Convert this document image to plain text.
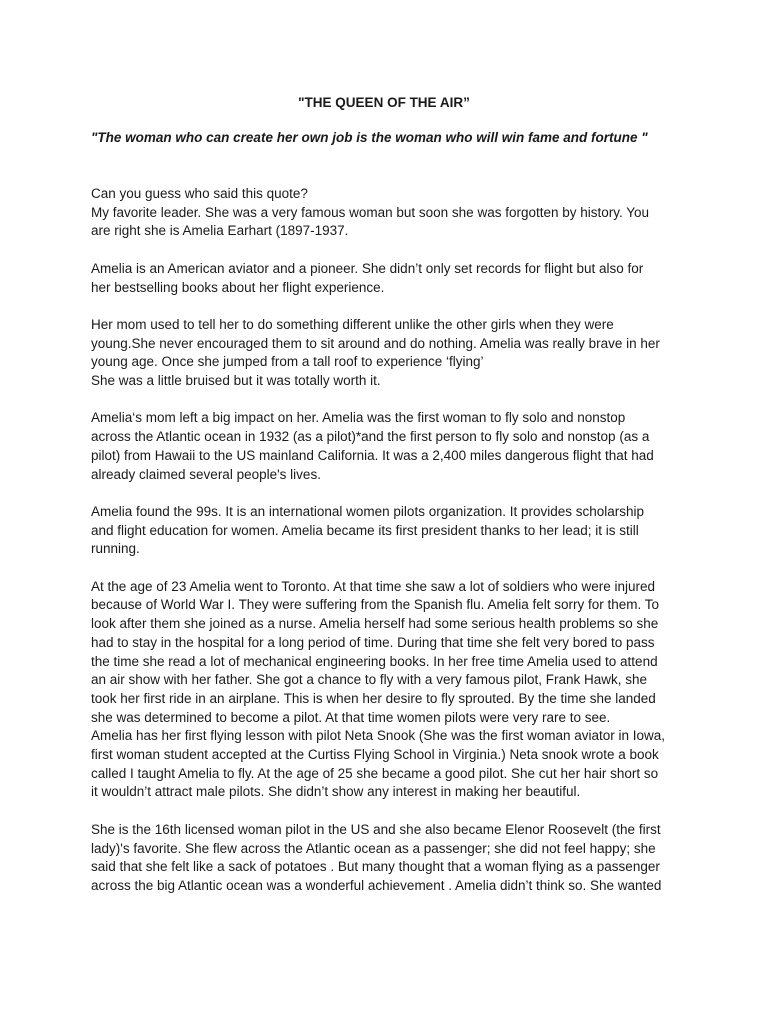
"THE QUEEN OF THE AIR”

"The woman who can create her own job is the woman who will win fame and fortune "

Can you guess who said this quote?
My favorite leader. She was a very famous woman but soon she was forgotten by history. You
are right she is Amelia Earhart (1897-1937.

Amelia is an American aviator and a pioneer. She didn’t only set records for flight but also for
her bestselling books about her flight experience.

Her mom used to tell her to do something different unlike the other girls when they were
young.She never encouraged them to sit around and do nothing. Amelia was really brave in her
young age. Once she jumped from a tall roof to experience ‘flying’
She was a little bruised but it was totally worth it.

Amelia‘s mom left a big impact on her. Amelia was the first woman to fly solo and nonstop
across the Atlantic ocean in 1932 (as a pilot)*and the first person to fly solo and nonstop (as a
pilot) from Hawaii to the US mainland California. It was a 2,400 miles dangerous flight that had
already claimed several people's lives.

Amelia found the 99s. It is an international women pilots organization. It provides scholarship
and flight education for women. Amelia became its first president thanks to her lead; it is still
running.

At the age of 23 Amelia went to Toronto. At that time she saw a lot of soldiers who were injured
because of World War I. They were suffering from the Spanish flu. Amelia felt sorry for them. To
look after them she joined as a nurse. Amelia herself had some serious health problems so she
had to stay in the hospital for a long period of time. During that time she felt very bored to pass
the time she read a lot of mechanical engineering books. In her free time Amelia used to attend
an air show with her father. She got a chance to fly with a very famous pilot, Frank Hawk, she
took her first ride in an airplane. This is when her desire to fly sprouted. By the time she landed
she was determined to become a pilot. At that time women pilots were very rare to see.
Amelia has her first flying lesson with pilot Neta Snook (She was the first woman aviator in Iowa,
first woman student accepted at the Curtiss Flying School in Virginia.) Neta snook wrote a book
called I taught Amelia to fly. At the age of 25 she became a good pilot. She cut her hair short so
it wouldn’t attract male pilots. She didn’t show any interest in making her beautiful.

She is the 16th licensed woman pilot in the US and she also became Elenor Roosevelt (the first
lady)'s favorite. She flew across the Atlantic ocean as a passenger; she did not feel happy; she
said that she felt like a sack of potatoes . But many thought that a woman flying as a passenger
across the big Atlantic ocean was a wonderful achievement . Amelia didn’t think so. She wanted
